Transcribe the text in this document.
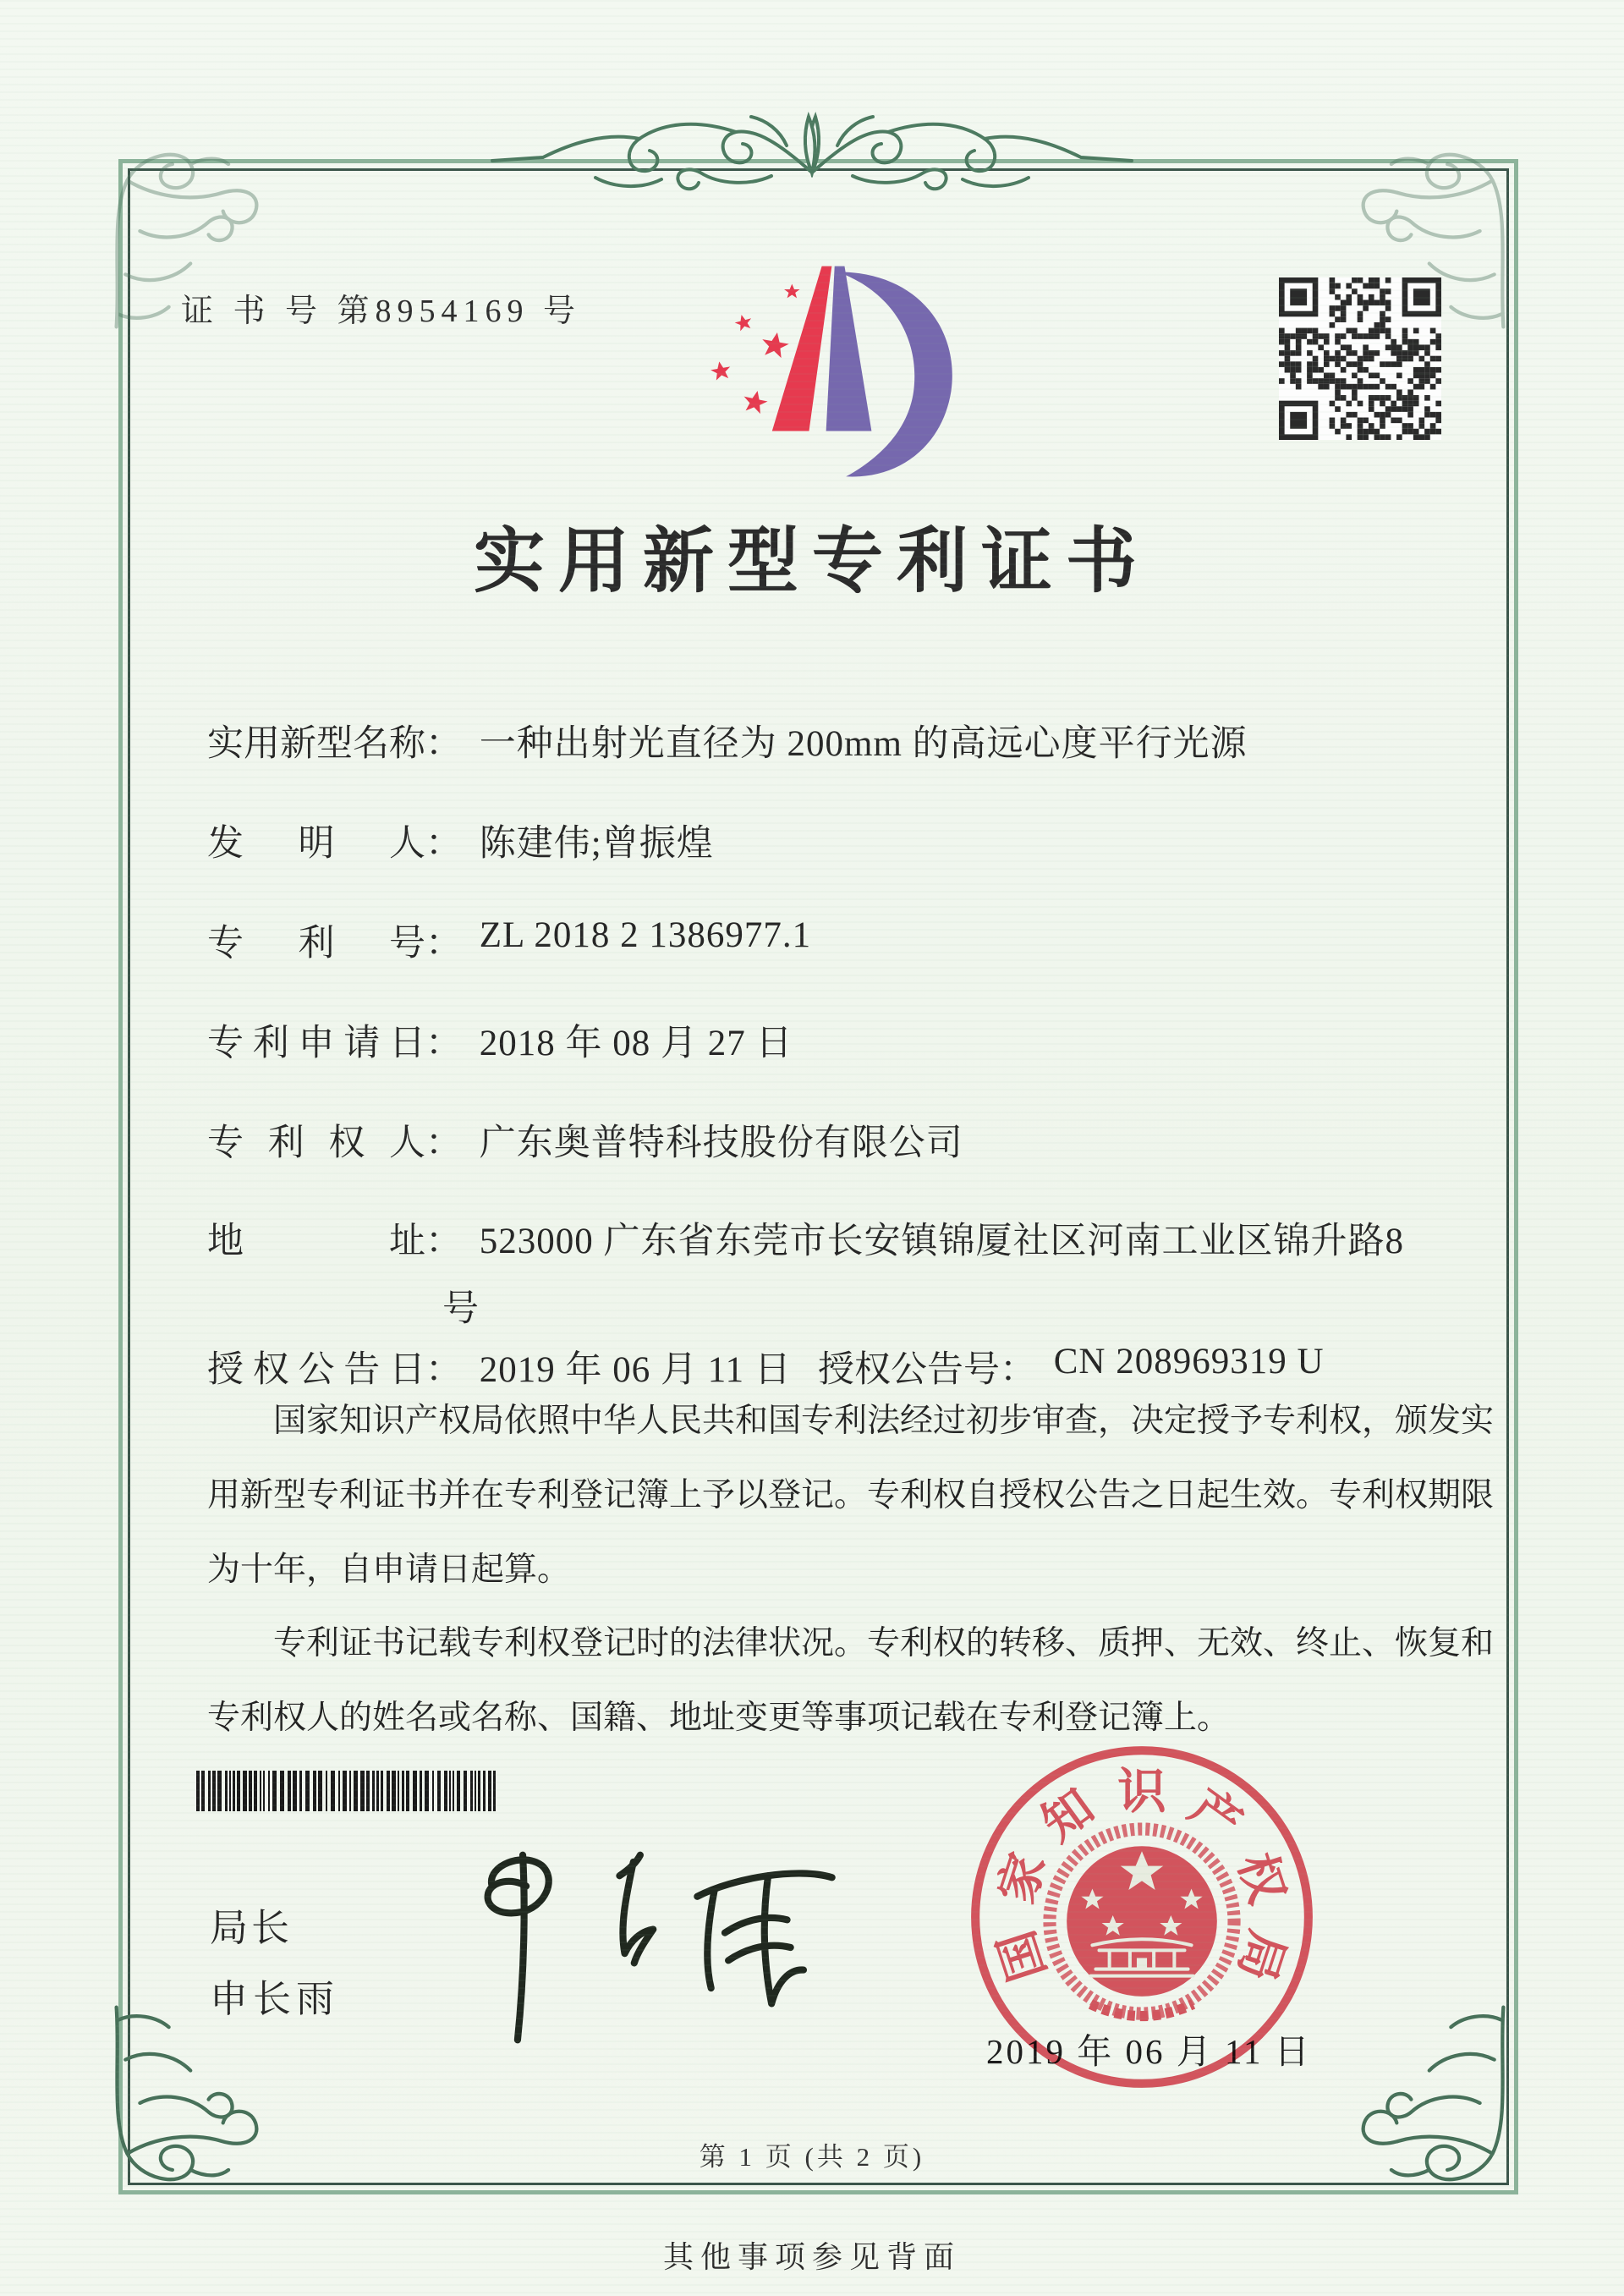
证 书 号 第8954169 号
实用新型专利证书
实用新型名称： 一种出射光直径为 200mm 的高远心度平行光源
发明人： 陈建伟;曾振煌
专利号： ZL 2018 2 1386977.1
专利申请日： 2018 年 08 月 27 日
专利权人： 广东奥普特科技股份有限公司
地址： 523000 广东省东莞市长安镇锦厦社区河南工业区锦升路8
号
授权公告日： 2019 年 06 月 11 日 授权公告号： CN 208969319 U

国家知识产权局依照中华人民共和国专利法经过初步审查，决定授予专利权，颁发实用新型专利证书并在专利登记簿上予以登记。专利权自授权公告之日起生效。专利权期限为十年，自申请日起算。

专利证书记载专利权登记时的法律状况。专利权的转移、质押、无效、终止、恢复和专利权人的姓名或名称、国籍、地址变更等事项记载在专利登记簿上。

局长
申长雨
2019 年 06 月 11 日
国
家
知 识 产
权
局
第 1 页 (共 2 页)
其他事项参见背面
